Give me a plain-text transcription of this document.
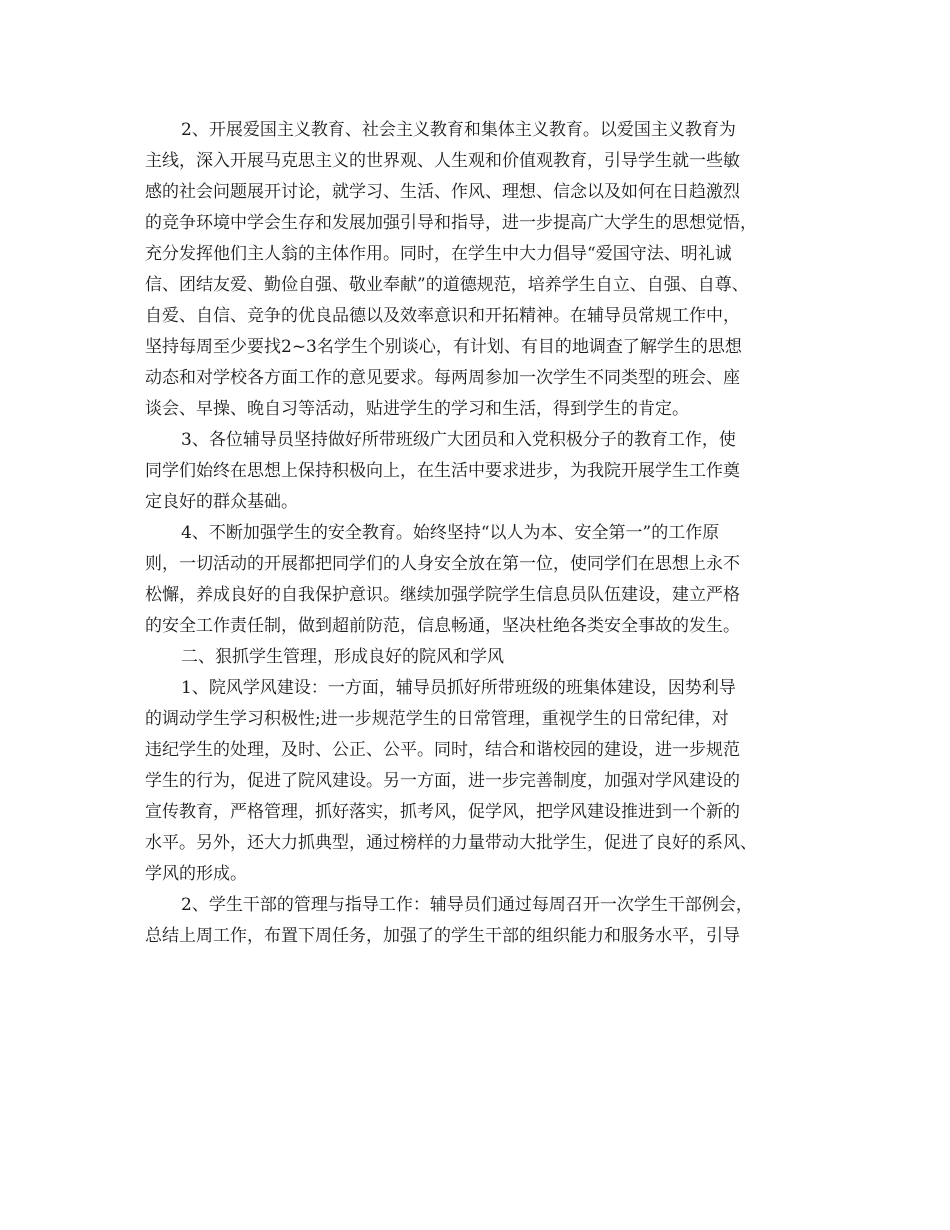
2、开展爱国主义教育、社会主义教育和集体主义教育。以爱国主义教育为
主线，深入开展马克思主义的世界观、人生观和价值观教育，引导学生就一些敏
感的社会问题展开讨论，就学习、生活、作风、理想、信念以及如何在日趋激烈
的竞争环境中学会生存和发展加强引导和指导，进一步提高广大学生的思想觉悟，
充分发挥他们主人翁的主体作用。同时，在学生中大力倡导“爱国守法、明礼诚
信、团结友爱、勤俭自强、敬业奉献”的道德规范，培养学生自立、自强、自尊、
自爱、自信、竞争的优良品德以及效率意识和开拓精神。在辅导员常规工作中，
坚持每周至少要找2~3名学生个别谈心，有计划、有目的地调查了解学生的思想
动态和对学校各方面工作的意见要求。每两周参加一次学生不同类型的班会、座
谈会、早操、晚自习等活动，贴进学生的学习和生活，得到学生的肯定。
3、各位辅导员坚持做好所带班级广大团员和入党积极分子的教育工作，使
同学们始终在思想上保持积极向上，在生活中要求进步，为我院开展学生工作奠
定良好的群众基础。
4、不断加强学生的安全教育。始终坚持“以人为本、安全第一”的工作原
则，一切活动的开展都把同学们的人身安全放在第一位，使同学们在思想上永不
松懈，养成良好的自我保护意识。继续加强学院学生信息员队伍建设，建立严格
的安全工作责任制，做到超前防范，信息畅通，坚决杜绝各类安全事故的发生。
二、狠抓学生管理，形成良好的院风和学风
1、院风学风建设：一方面，辅导员抓好所带班级的班集体建设，因势利导
的调动学生学习积极性;进一步规范学生的日常管理，重视学生的日常纪律，对
违纪学生的处理，及时、公正、公平。同时，结合和谐校园的建设，进一步规范
学生的行为，促进了院风建设。另一方面，进一步完善制度，加强对学风建设的
宣传教育，严格管理，抓好落实，抓考风，促学风，把学风建设推进到一个新的
水平。另外，还大力抓典型，通过榜样的力量带动大批学生，促进了良好的系风、
学风的形成。
2、学生干部的管理与指导工作：辅导员们通过每周召开一次学生干部例会，
总结上周工作，布置下周任务，加强了的学生干部的组织能力和服务水平，引导
